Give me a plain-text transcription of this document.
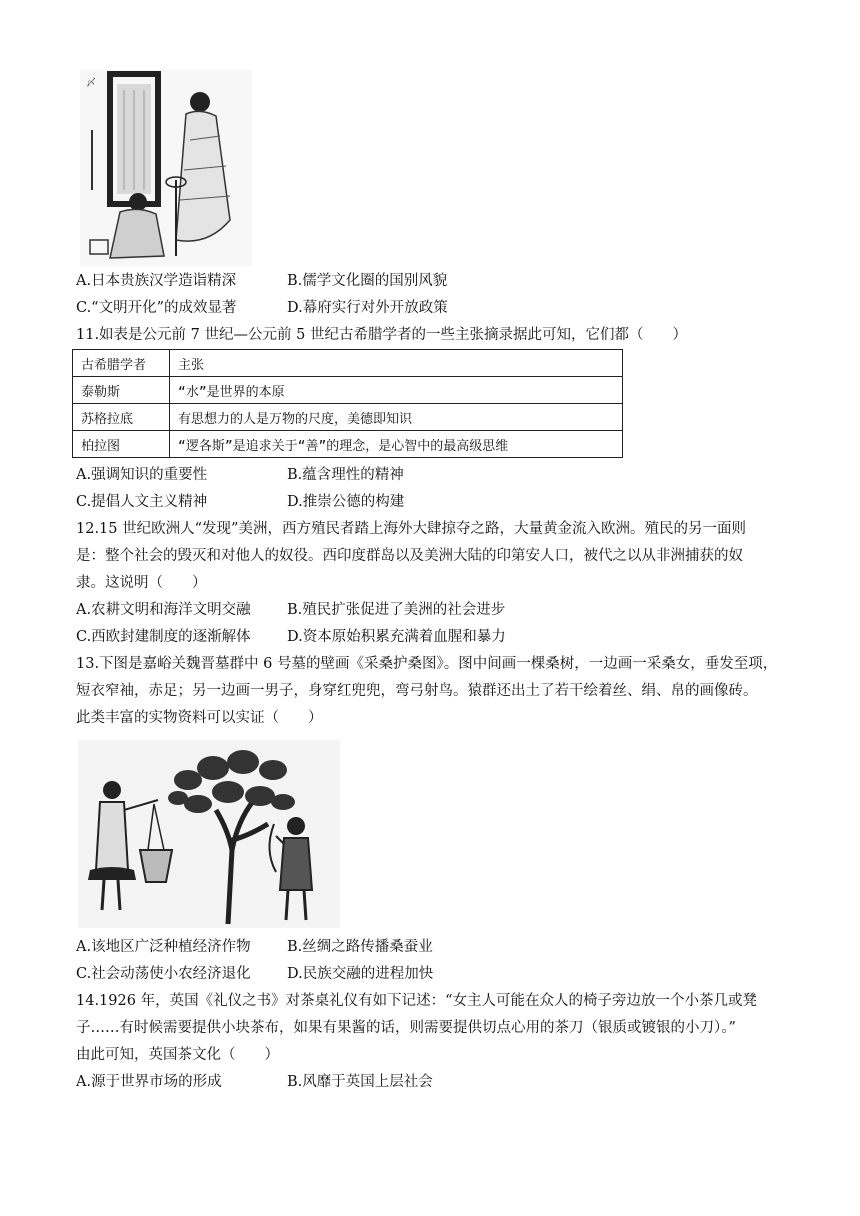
〆
A.日本贵族汉学造诣精深	B.儒学文化圈的国别风貌
C.“文明开化”的成效显著	D.幕府实行对外开放政策
11.如表是公元前 7 世纪—公元前 5 世纪古希腊学者的一些主张摘录据此可知，它们都（　　）
古希腊学者	主张
泰勒斯	“水”是世界的本原
苏格拉底	有思想力的人是万物的尺度，美德即知识
柏拉图	“逻各斯”是追求关于“善”的理念，是心智中的最高级思维
A.强调知识的重要性	B.蕴含理性的精神
C.提倡人文主义精神	D.推崇公德的构建
12.15 世纪欧洲人“发现”美洲，西方殖民者踏上海外大肆掠夺之路，大量黄金流入欧洲。殖民的另一面则
是：整个社会的毁灭和对他人的奴役。西印度群岛以及美洲大陆的印第安人口，被代之以从非洲捕获的奴
隶。这说明（　　）
A.农耕文明和海洋文明交融	B.殖民扩张促进了美洲的社会进步
C.西欧封建制度的逐渐解体	D.资本原始积累充满着血腥和暴力
13.下图是嘉峪关魏晋墓群中 6 号墓的壁画《采桑护桑图》。图中间画一棵桑树，一边画一采桑女，垂发至项，
短衣窄袖，赤足；另一边画一男子，身穿红兜兜，弯弓射鸟。猿群还出土了若干绘着丝、绢、帛的画像砖。
此类丰富的实物资料可以实证（　　）
A.该地区广泛种植经济作物	B.丝绸之路传播桑蚕业
C.社会动荡使小农经济退化	D.民族交融的进程加快
14.1926 年，英国《礼仪之书》对茶桌礼仪有如下记述：“女主人可能在众人的椅子旁边放一个小茶几或凳
子……有时候需要提供小块茶布，如果有果酱的话，则需要提供切点心用的茶刀（银质或镀银的小刀）。”
由此可知，英国茶文化（　　）
A.源于世界市场的形成	B.风靡于英国上层社会
